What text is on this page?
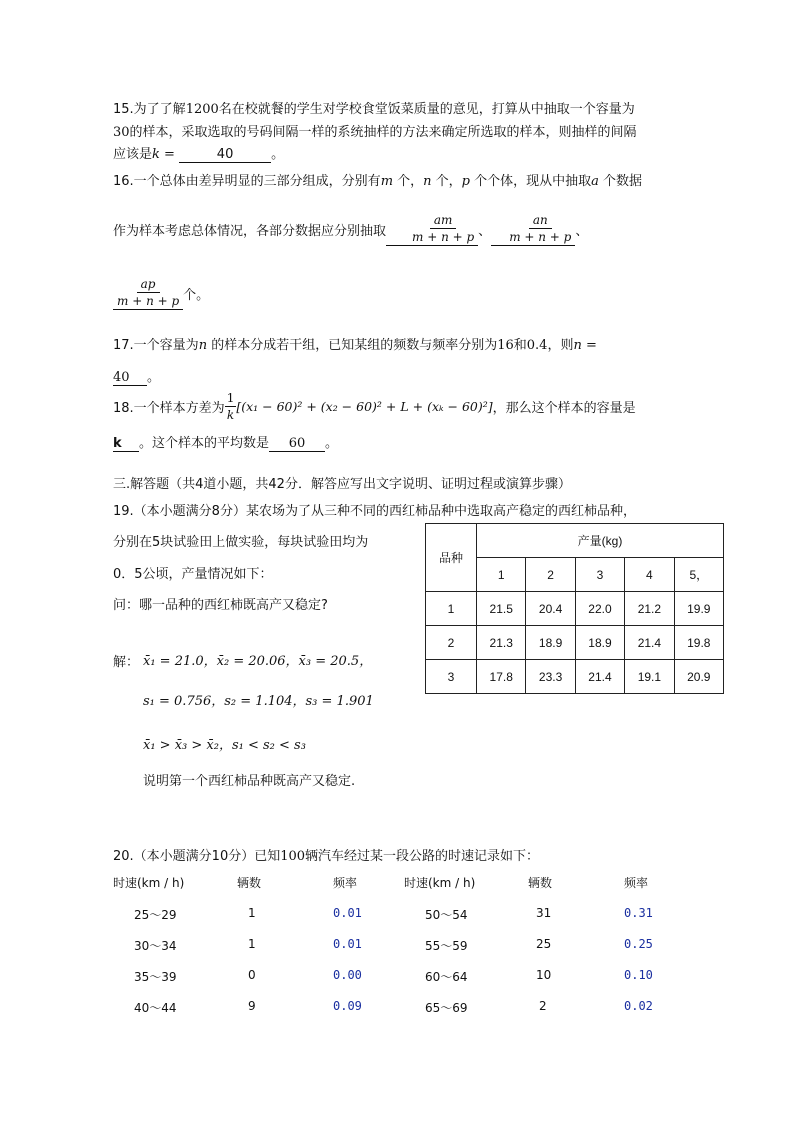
15.为了了解1200名在校就餐的学生对学校食堂饭菜质量的意见，打算从中抽取一个容量为
30的样本，采取选取的号码间隔一样的系统抽样的方法来确定所选取的样本，则抽样的间隔
应该是k =	40	。
16.一个总体由差异明显的三部分组成，分别有m 个，n 个，p 个个体，现从中抽取a 个数据
作为样本考虑总体情况，各部分数据应分别抽取 $\frac{am}{m + n + p}$ 、 $\frac{an}{m + n + p}$ 、
$\frac{ap}{m + n + p}$ 个。
17.一个容量为n 的样本分成若干组，已知某组的频数与频率分别为16和0.4，则n =
40 。
18.一个样本方差为 $\frac{1}{k} [(x_1 - 60)^2 + (x_2 - 60)^2 + L + (x_k - 60)^2]$ ，那么这个样本的容量是
k 。这个样本的平均数是 60 。
三.解答题（共4道小题，共42分．解答应写出文字说明、证明过程或演算步骤）
19.（本小题满分8分）某农场为了从三种不同的西红柿品种中选取高产稳定的西红柿品种，
分别在5块试验田上做实验，每块试验田均为
0．5公顷，产量情况如下：
问：哪一品种的西红柿既高产又稳定?
品种	产量(kg)				
	1	2	3	4	5，
1	21.5	20.4	22.0	21.2	19.9
2	21.3	18.9	18.9	21.4	19.8
3	17.8	23.3	21.4	19.1	20.9
解： x̄₁ = 21.0，x̄₂ = 20.06，x̄₃ = 20.5，
s₁ = 0.756，s₂ = 1.104，s₃ = 1.901
x̄₁ > x̄₃ > x̄₂，s₁ < s₂ < s₃
说明第一个西红柿品种既高产又稳定.
20.（本小题满分10分）已知100辆汽车经过某一段公路的时速记录如下：
时速(km / h)	辆数	频率	时速(km / h)	辆数	频率
25～29	1	0.01	50～54	31	0.31
30～34	1	0.01	55～59	25	0.25
35～39	0	0.00	60～64	10	0.10
40～44	9	0.09	65～69	2	0.02
